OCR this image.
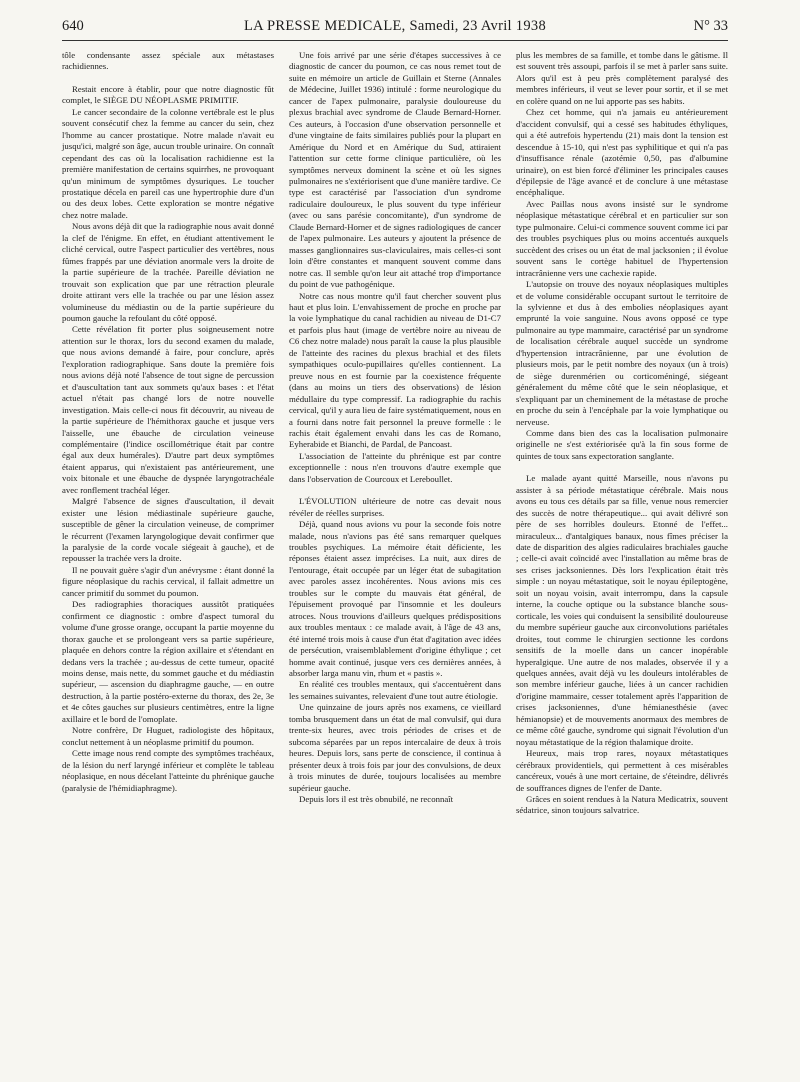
640	LA PRESSE MEDICALE, Samedi, 23 Avril 1938	N° 33

tôle condensante assez spéciale aux métastases rachidiennes.

Restait encore à établir, pour que notre diagnostic fût complet, le SIÈGE DU NÉOPLASME PRIMITIF.

Le cancer secondaire de la colonne vertébrale est le plus souvent consécutif chez la femme au cancer du sein, chez l'homme au cancer prostatique. Notre malade n'avait eu jusqu'ici, malgré son âge, aucun trouble urinaire. On connaît cependant des cas où la localisation rachidienne est la première manifestation de certains squirrhes, ne provoquant qu'un minimum de symptômes dysuriques. Le toucher prostatique décela en pareil cas une hypertrophie dure d'un ou des deux lobes. Cette exploration se montre négative chez notre malade.

Nous avons déjà dit que la radiographie nous avait donné la clef de l'énigme. En effet, en étudiant attentivement le cliché cervical, outre l'aspect particulier des vertèbres, nous fûmes frappés par une déviation anormale vers la droite de la partie supérieure de la trachée. Pareille déviation ne trouvait son explication que par une rétraction pleurale droite attirant vers elle la trachée ou par une lésion assez volumineuse du médiastin ou de la partie supérieure du poumon gauche la refoulant du côté opposé.

Cette révélation fit porter plus soigneusement notre attention sur le thorax, lors du second examen du malade, que nous avions demandé à faire, pour conclure, après l'exploration radiographique. Sans doute la première fois nous avions déjà noté l'absence de tout signe de percussion et d'auscultation tant aux sommets qu'aux bases : et l'état actuel n'était pas changé lors de notre nouvelle investigation. Mais celle-ci nous fit découvrir, au niveau de la partie supérieure de l'hémithorax gauche et jusque vers l'aisselle, une ébauche de circulation veineuse complémentaire (l'indice oscillométrique était par contre égal aux deux humérales). D'autre part deux symptômes étaient apparus, qui n'existaient pas antérieurement, une voix bitonale et une ébauche de dyspnée laryngotrachéale avec ronflement trachéal léger.

Malgré l'absence de signes d'auscultation, il devait exister une lésion médiastinale supérieure gauche, susceptible de gêner la circulation veineuse, de comprimer le récurrent (l'examen laryngologique devait confirmer que la paralysie de la corde vocale siégeait à gauche), et de repousser la trachée vers la droite.

Il ne pouvait guère s'agir d'un anévrysme : étant donné la figure néoplasique du rachis cervical, il fallait admettre un cancer primitif du sommet du poumon.

Des radiographies thoraciques aussitôt pratiquées confirment ce diagnostic : ombre d'aspect tumoral du volume d'une grosse orange, occupant la partie moyenne du thorax gauche et se prolongeant vers sa partie supérieure, plaquée en dehors contre la région axillaire et s'étendant en dedans vers la trachée ; au-dessus de cette tumeur, opacité moins dense, mais nette, du sommet gauche et du médiastin supérieur, — ascension du diaphragme gauche, — en outre destruction, à la partie postéro-externe du thorax, des 2e, 3e et 4e côtes gauches sur plusieurs centimètres, entre la ligne axillaire et le bord de l'omoplate.

Notre confrère, Dr Huguet, radiologiste des hôpitaux, conclut nettement à un néoplasme primitif du poumon.

Cette image nous rend compte des symptômes trachéaux, de la lésion du nerf laryngé inférieur et complète le tableau néoplasique, en nous décelant l'atteinte du phrénique gauche (paralysie de l'hémidiaphragme).

Une fois arrivé par une série d'étapes successives à ce diagnostic de cancer du poumon, ce cas nous remet tout de suite en mémoire un article de Guillain et Sterne (Annales de Médecine, Juillet 1936) intitulé : forme neurologique du cancer de l'apex pulmonaire, paralysie douloureuse du plexus brachial avec syndrome de Claude Bernard-Horner. Ces auteurs, à l'occasion d'une observation personnelle et d'une vingtaine de faits similaires publiés pour la plupart en Amérique du Nord et en Amérique du Sud, attiraient l'attention sur cette forme clinique particulière, où les symptômes nerveux dominent la scène et où les signes pulmonaires ne s'extériorisent que d'une manière tardive. Ce type est caractérisé par l'association d'un syndrome radiculaire douloureux, le plus souvent du type inférieur (avec ou sans parésie concomitante), d'un syndrome de Claude Bernard-Horner et de signes radiologiques de cancer de l'apex pulmonaire. Les auteurs y ajoutent la présence de masses ganglionnaires sus-claviculaires, mais celles-ci sont loin d'être constantes et manquent souvent comme dans notre cas. Il semble qu'on leur ait attaché trop d'importance du point de vue pathogénique.

Notre cas nous montre qu'il faut chercher souvent plus haut et plus loin. L'envahissement de proche en proche par la voie lymphatique du canal rachidien au niveau de D1-C7 et parfois plus haut (image de vertèbre noire au niveau de C6 chez notre malade) nous paraît la cause la plus plausible de l'atteinte des racines du plexus brachial et des filets sympathiques oculo-pupillaires qu'elles contiennent. La preuve nous en est fournie par la coexistence fréquente (dans au moins un tiers des observations) de lésion médullaire du type compressif. La radiographie du rachis cervical, qu'il y aura lieu de faire systématiquement, nous en a fourni dans notre fait personnel la preuve formelle : le rachis était également envahi dans les cas de Romano, Eyherabide et Bianchi, de Pardal, de Pancoast.

L'association de l'atteinte du phrénique est par contre exceptionnelle : nous n'en trouvons d'autre exemple que dans l'observation de Courcoux et Lereboullet.

L'ÉVOLUTION ultérieure de notre cas devait nous révéler de réelles surprises.

Déjà, quand nous avions vu pour la seconde fois notre malade, nous n'avions pas été sans remarquer quelques troubles psychiques. La mémoire était déficiente, les réponses étaient assez imprécises. La nuit, aux dires de l'entourage, était occupée par un léger état de subagitation avec paroles assez incohérentes. Nous avions mis ces troubles sur le compte du mauvais état général, de l'épuisement provoqué par l'insomnie et les douleurs atroces. Nous trouvions d'ailleurs quelques prédispositions aux troubles mentaux : ce malade avait, à l'âge de 43 ans, été interné trois mois à cause d'un état d'agitation avec idées de persécution, vraisemblablement d'origine éthylique ; cet homme avait continué, jusque vers ces dernières années, à absorber larga manu vin, rhum et « pastis ».

En réalité ces troubles mentaux, qui s'accentuèrent dans les semaines suivantes, relevaient d'une tout autre étiologie.

Une quinzaine de jours après nos examens, ce vieillard tomba brusquement dans un état de mal convulsif, qui dura trente-six heures, avec trois périodes de crises et de subcoma séparées par un repos intercalaire de deux à trois heures. Depuis lors, sans perte de conscience, il continua à présenter deux à trois fois par jour des convulsions, de deux à trois minutes de durée, toujours localisées au membre supérieur gauche.

Depuis lors il est très obnubilé, ne reconnaît

plus les membres de sa famille, et tombe dans le gâtisme. Il est souvent très assoupi, parfois il se met à parler sans suite. Alors qu'il est à peu près complètement paralysé des membres inférieurs, il veut se lever pour sortir, et il se met en colère quand on ne lui apporte pas ses habits.

Chez cet homme, qui n'a jamais eu antérieurement d'accident convulsif, qui a cessé ses habitudes éthyliques, qui a été autrefois hypertendu (21) mais dont la tension est descendue à 15-10, qui n'est pas syphilitique et qui n'a pas d'insuffisance rénale (azotémie 0,50, pas d'albumine urinaire), on est bien forcé d'éliminer les principales causes d'épilepsie de l'âge avancé et de conclure à une métastase encéphalique.

Avec Paillas nous avons insisté sur le syndrome néoplasique métastatique cérébral et en particulier sur son type pulmonaire. Celui-ci commence souvent comme ici par des troubles psychiques plus ou moins accentués auxquels succèdent des crises ou un état de mal jacksonien ; il évolue souvent sans le cortège habituel de l'hypertension intracrânienne vers une cachexie rapide.

L'autopsie on trouve des noyaux néoplasiques multiples et de volume considérable occupant surtout le territoire de la sylvienne et dus à des embolies néoplasiques ayant emprunté la voie sanguine. Nous avons opposé ce type pulmonaire au type mammaire, caractérisé par un syndrome de localisation cérébrale auquel succède un syndrome d'hypertension intracrânienne, par une évolution de plusieurs mois, par le petit nombre des noyaux (un à trois) de siège durenmérien ou corticoméningé, siégeant généralement du même côté que le sein néoplasique, et s'expliquant par un cheminement de la métastase de proche en proche du sein à l'encéphale par la voie lymphatique ou nerveuse.

Comme dans bien des cas la localisation pulmonaire originelle ne s'est extériorisée qu'à la fin sous forme de quintes de toux sans expectoration sanglante.

Le malade ayant quitté Marseille, nous n'avons pu assister à sa période métastatique cérébrale. Mais nous avons eu tous ces détails par sa fille, venue nous remercier des succès de notre thérapeutique... qui avait délivré son père de ses horribles douleurs. Etonné de l'effet... miraculeux... d'antalgiques banaux, nous fîmes préciser la date de disparition des algies radiculaires brachiales gauche ; celle-ci avait coïncidé avec l'installation au même bras de ses crises jacksoniennes. Dès lors l'explication était très simple : un noyau métastatique, soit le noyau épileptogène, soit un noyau voisin, avait interrompu, dans la capsule interne, la couche optique ou la substance blanche sous-corticale, les voies qui conduisent la sensibilité douloureuse du membre supérieur gauche aux circonvolutions pariétales droites, tout comme le chirurgien sectionne les cordons sensitifs de la moelle dans un cancer inopérable hyperalgique. Une autre de nos malades, observée il y a quelques années, avait déjà vu les douleurs intolérables de son membre inférieur gauche, liées à un cancer rachidien d'origine mammaire, cesser totalement après l'apparition de crises jacksoniennes, d'une hémianesthésie (avec hémianopsie) et de mouvements anormaux des membres de ce même côté gauche, syndrome qui signait l'évolution d'un noyau métastatique de la région thalamique droite.

Heureux, mais trop rares, noyaux métastatiques cérébraux providentiels, qui permettent à ces misérables cancéreux, voués à une mort certaine, de s'éteindre, délivrés de souffrances dignes de l'enfer de Dante.

Grâces en soient rendues à la Natura Medicatrix, souvent sédatrice, sinon toujours salvatrice.
